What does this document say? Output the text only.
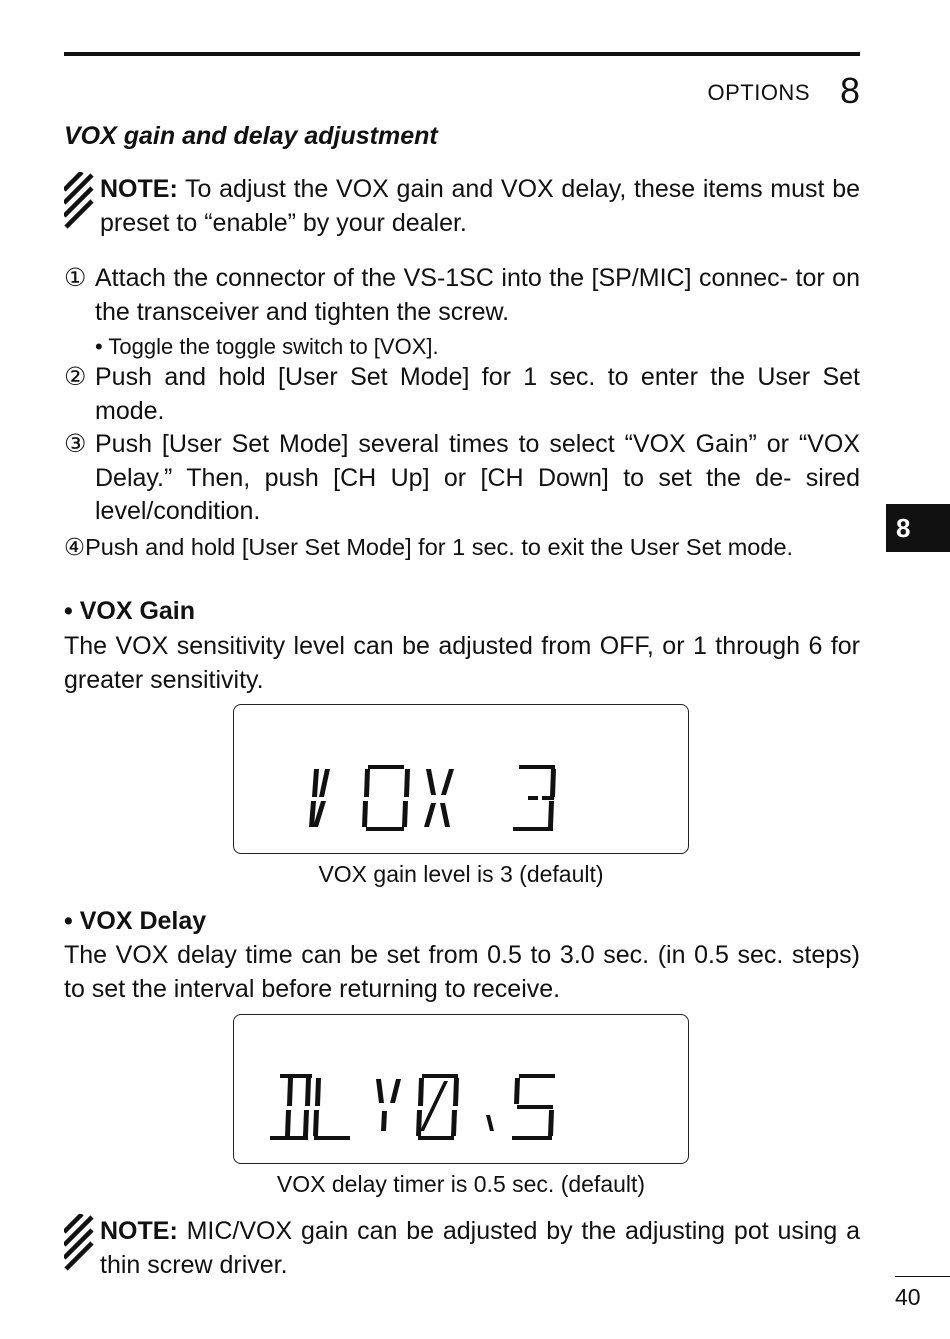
OPTIONS 8
VOX gain and delay adjustment
NOTE: To adjust the VOX gain and VOX delay, these items must be preset to “enable” by your dealer.
① Attach the connector of the VS-1SC into the [SP/MIC] connec- tor on the transceiver and tighten the screw.
• Toggle the toggle switch to [VOX].
② Push and hold [User Set Mode] for 1 sec. to enter the User Set mode.
③ Push [User Set Mode] several times to select “VOX Gain” or “VOX Delay.” Then, push [CH Up] or [CH Down] to set the de- sired level/condition.
④Push and hold [User Set Mode] for 1 sec. to exit the User Set mode.
• VOX Gain
The VOX sensitivity level can be adjusted from OFF, or 1 through 6 for greater sensitivity.
VOX gain level is 3 (default)
• VOX Delay
The VOX delay time can be set from 0.5 to 3.0 sec. (in 0.5 sec. steps) to set the interval before returning to receive.
VOX delay timer is 0.5 sec. (default)
NOTE: MIC/VOX gain can be adjusted by the adjusting pot using a thin screw driver.
8
40
